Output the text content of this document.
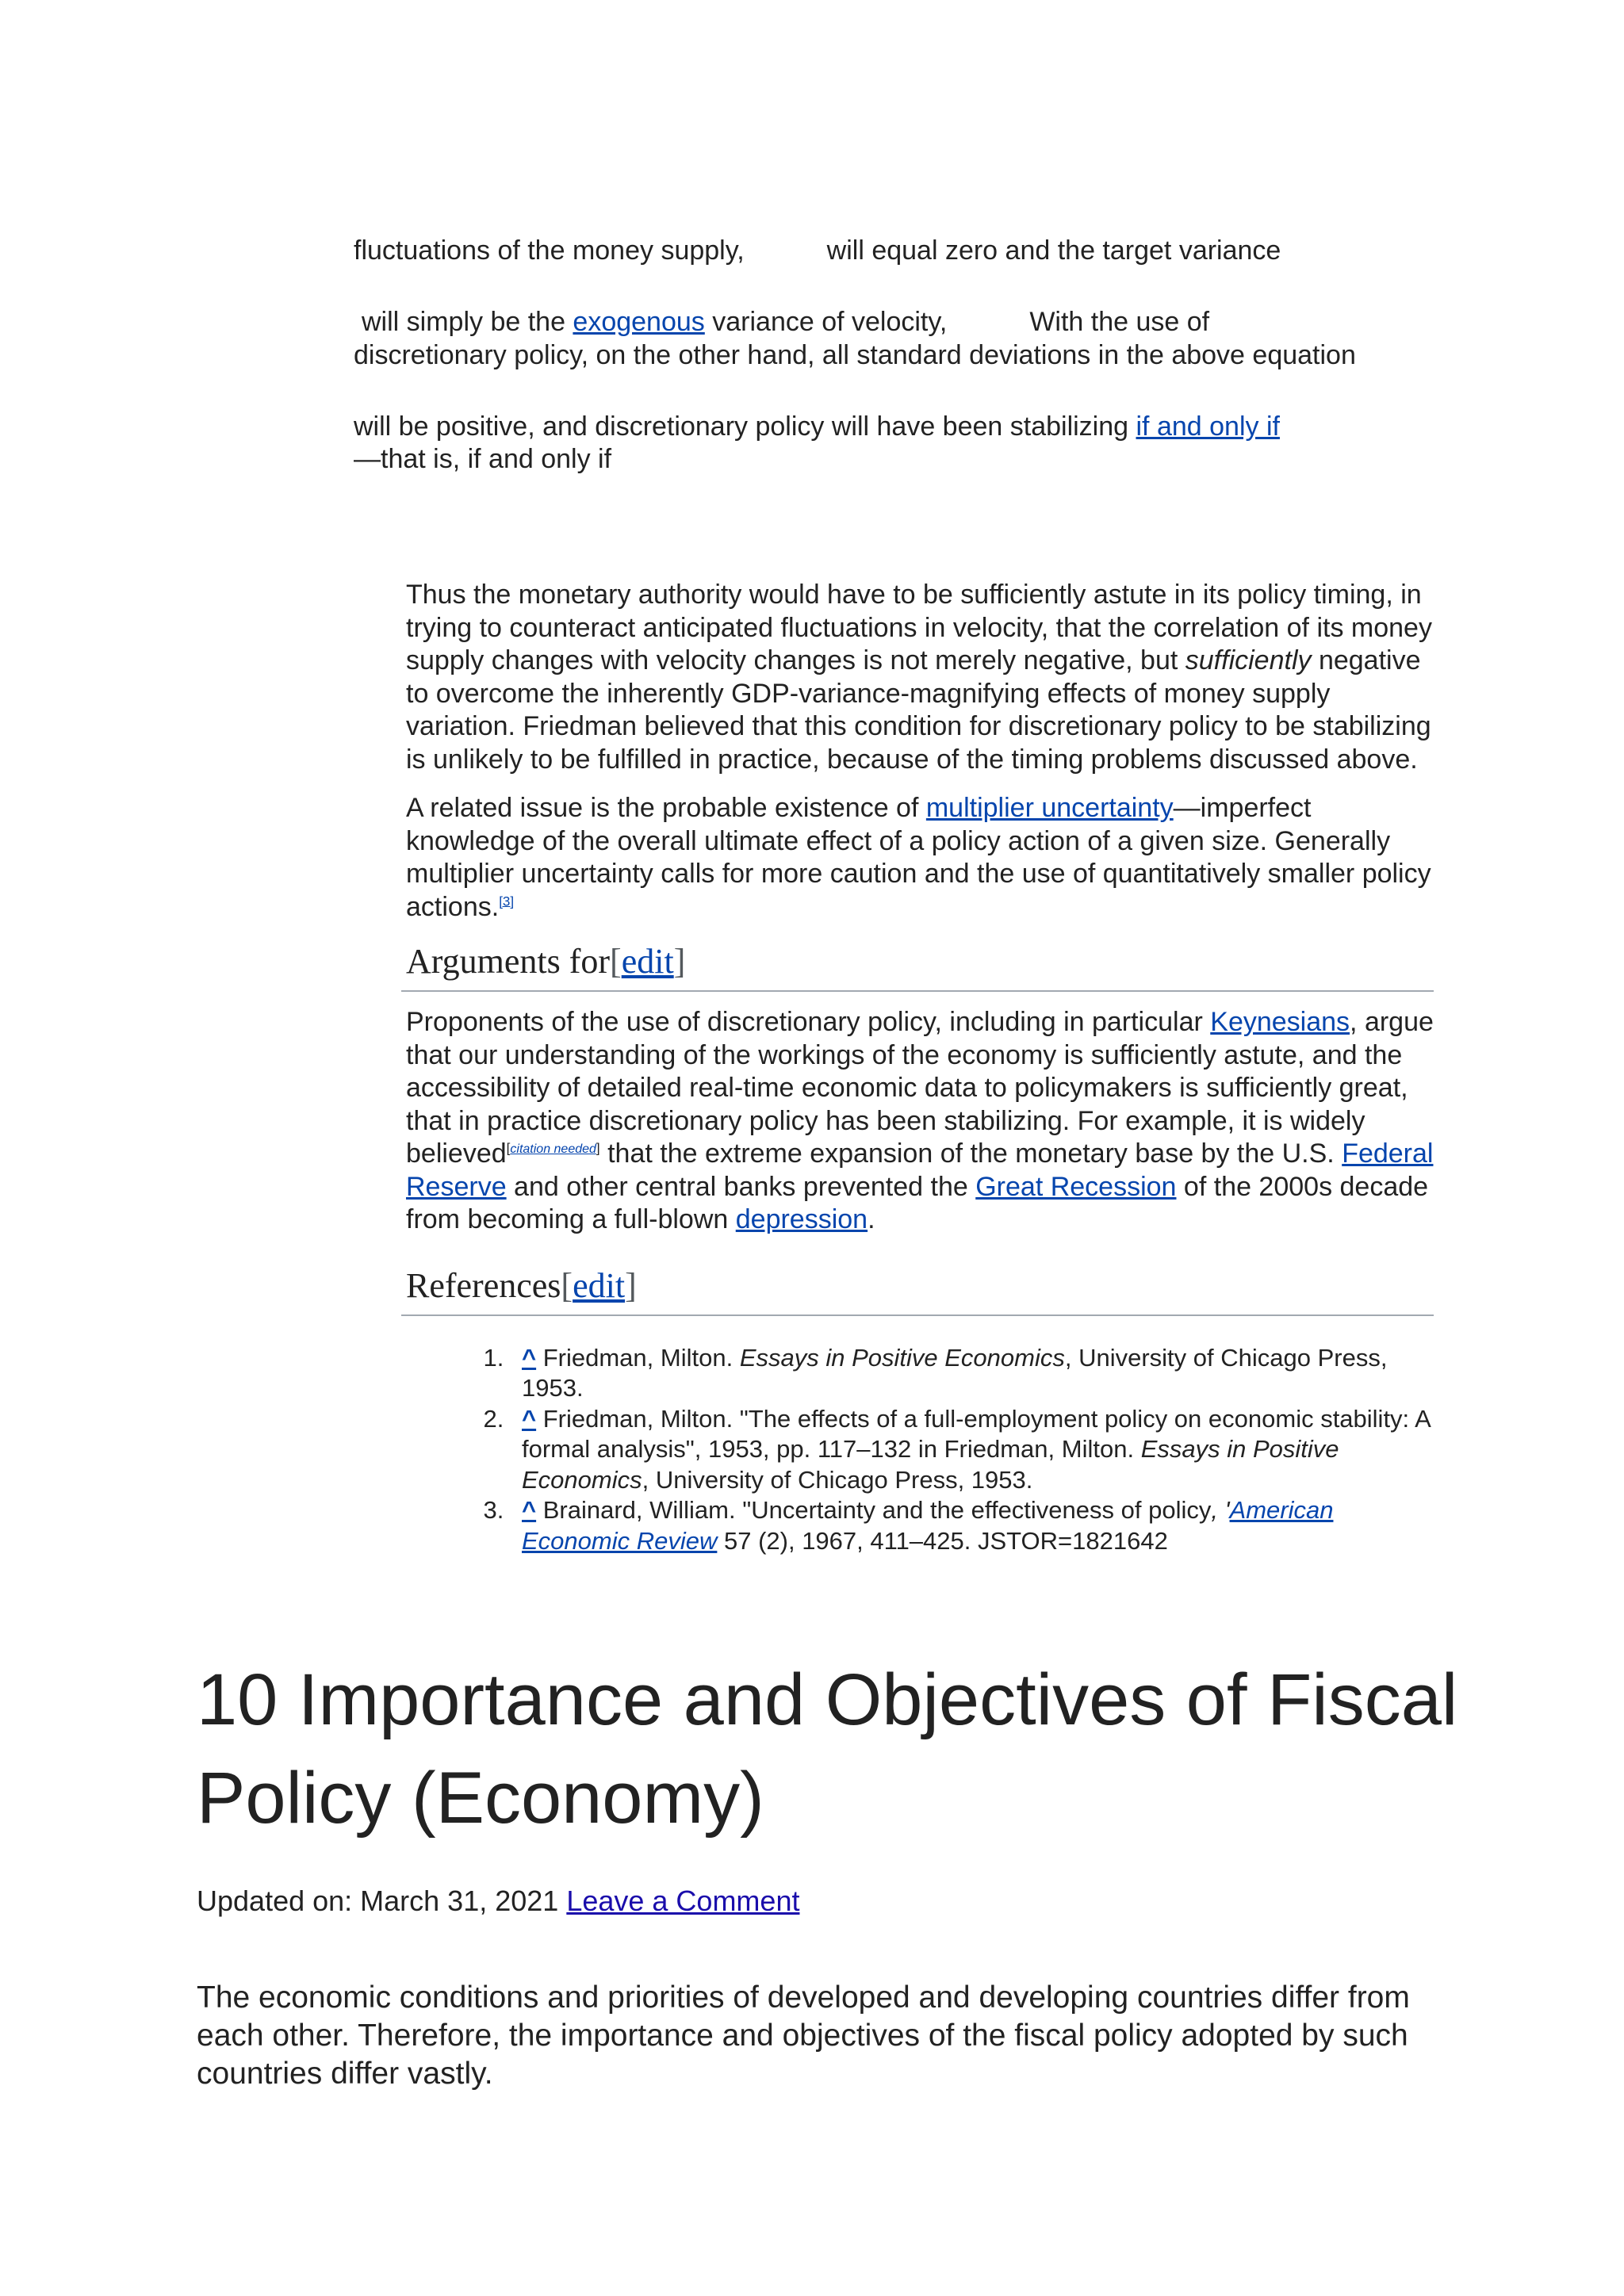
fluctuations of the money supply,	will equal zero and the target variance
will simply be the exogenous variance of velocity,	With the use of
discretionary policy, on the other hand, all standard deviations in the above equation
will be positive, and discretionary policy will have been stabilizing if and only if
—that is, if and only if

Thus the monetary authority would have to be sufficiently astute in its policy timing, in trying to counteract anticipated fluctuations in velocity, that the correlation of its money supply changes with velocity changes is not merely negative, but sufficiently negative to overcome the inherently GDP-variance-magnifying effects of money supply variation. Friedman believed that this condition for discretionary policy to be stabilizing is unlikely to be fulfilled in practice, because of the timing problems discussed above.

A related issue is the probable existence of multiplier uncertainty—imperfect knowledge of the overall ultimate effect of a policy action of a given size. Generally multiplier uncertainty calls for more caution and the use of quantitatively smaller policy actions.[3]

Arguments for[edit]

Proponents of the use of discretionary policy, including in particular Keynesians, argue that our understanding of the workings of the economy is sufficiently astute, and the accessibility of detailed real-time economic data to policymakers is sufficiently great, that in practice discretionary policy has been stabilizing. For example, it is widely believed[citation needed] that the extreme expansion of the monetary base by the U.S. Federal Reserve and other central banks prevented the Great Recession of the 2000s decade from becoming a full-blown depression.

References[edit]
1. ^ Friedman, Milton. Essays in Positive Economics, University of Chicago Press, 1953.
2. ^ Friedman, Milton. "The effects of a full-employment policy on economic stability: A formal analysis", 1953, pp. 117–132 in Friedman, Milton. Essays in Positive Economics, University of Chicago Press, 1953.
3. ^ Brainard, William. "Uncertainty and the effectiveness of policy, 'American Economic Review 57 (2), 1967, 411–425. JSTOR=1821642
10 Importance and Objectives of Fiscal Policy (Economy)
Updated on: March 31, 2021 Leave a Comment

The economic conditions and priorities of developed and developing countries differ from each other. Therefore, the importance and objectives of the fiscal policy adopted by such countries differ vastly.
